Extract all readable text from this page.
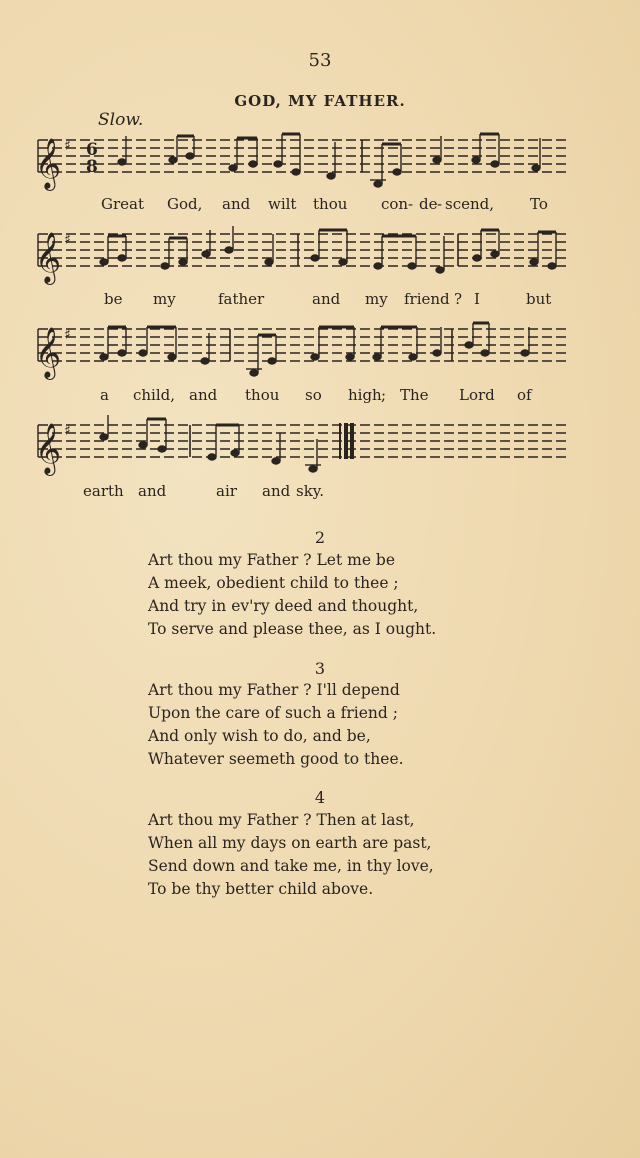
53
GOD, MY FATHER.
Slow.
𝄞 ♯ 6
8
Great God, and wilt thou con - de - scend, To
𝄞 ♯
be my	father	and my friend ? I	but
𝄞 ♯
a child, and thou so high ; The Lord of
𝄞 ♯
earth and	air and sky.
2
Art thou my Father ? Let me be
A meek, obedient child to thee ;
And try in ev'ry deed and thought,
To serve and please thee, as I ought.
3
Art thou my Father ? I'll depend
Upon the care of such a friend ;
And only wish to do, and be,
Whatever seemeth good to thee.
4
Art thou my Father ? Then at last,
When all my days on earth are past,
Send down and take me, in thy love,
To be thy better child above.
